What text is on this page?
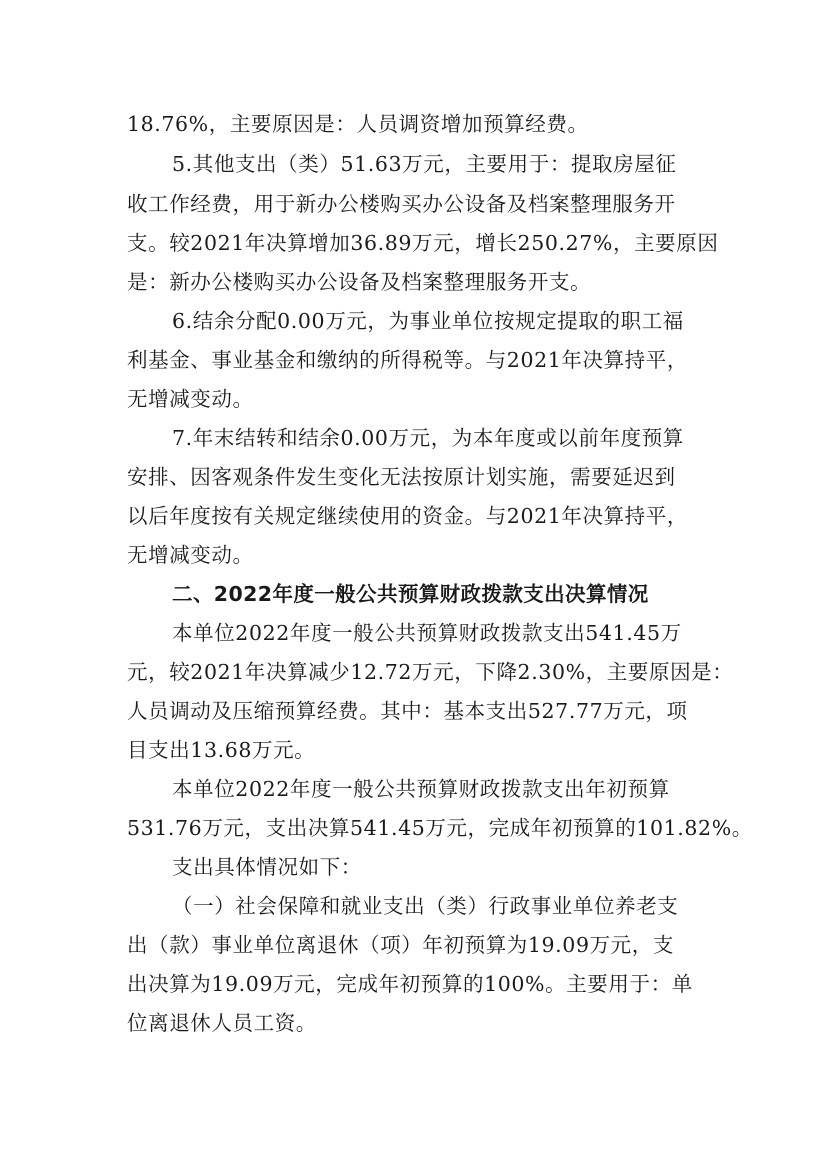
18.76%，主要原因是：人员调资增加预算经费。
5.其他支出（类）51.63万元，主要用于：提取房屋征
收工作经费，用于新办公楼购买办公设备及档案整理服务开
支。较2021年决算增加36.89万元，增长250.27%，主要原因
是：新办公楼购买办公设备及档案整理服务开支。
6.结余分配0.00万元，为事业单位按规定提取的职工福
利基金、事业基金和缴纳的所得税等。与2021年决算持平，
无增减变动。
7.年末结转和结余0.00万元，为本年度或以前年度预算
安排、因客观条件发生变化无法按原计划实施，需要延迟到
以后年度按有关规定继续使用的资金。与2021年决算持平，
无增减变动。
二、2022年度一般公共预算财政拨款支出决算情况
本单位2022年度一般公共预算财政拨款支出541.45万
元，较2021年决算减少12.72万元，下降2.30%，主要原因是：
人员调动及压缩预算经费。其中：基本支出527.77万元，项
目支出13.68万元。
本单位2022年度一般公共预算财政拨款支出年初预算
531.76万元，支出决算541.45万元，完成年初预算的101.82%。
支出具体情况如下：
（一）社会保障和就业支出（类）行政事业单位养老支
出（款）事业单位离退休（项）年初预算为19.09万元，支
出决算为19.09万元，完成年初预算的100%。主要用于：单
位离退休人员工资。
